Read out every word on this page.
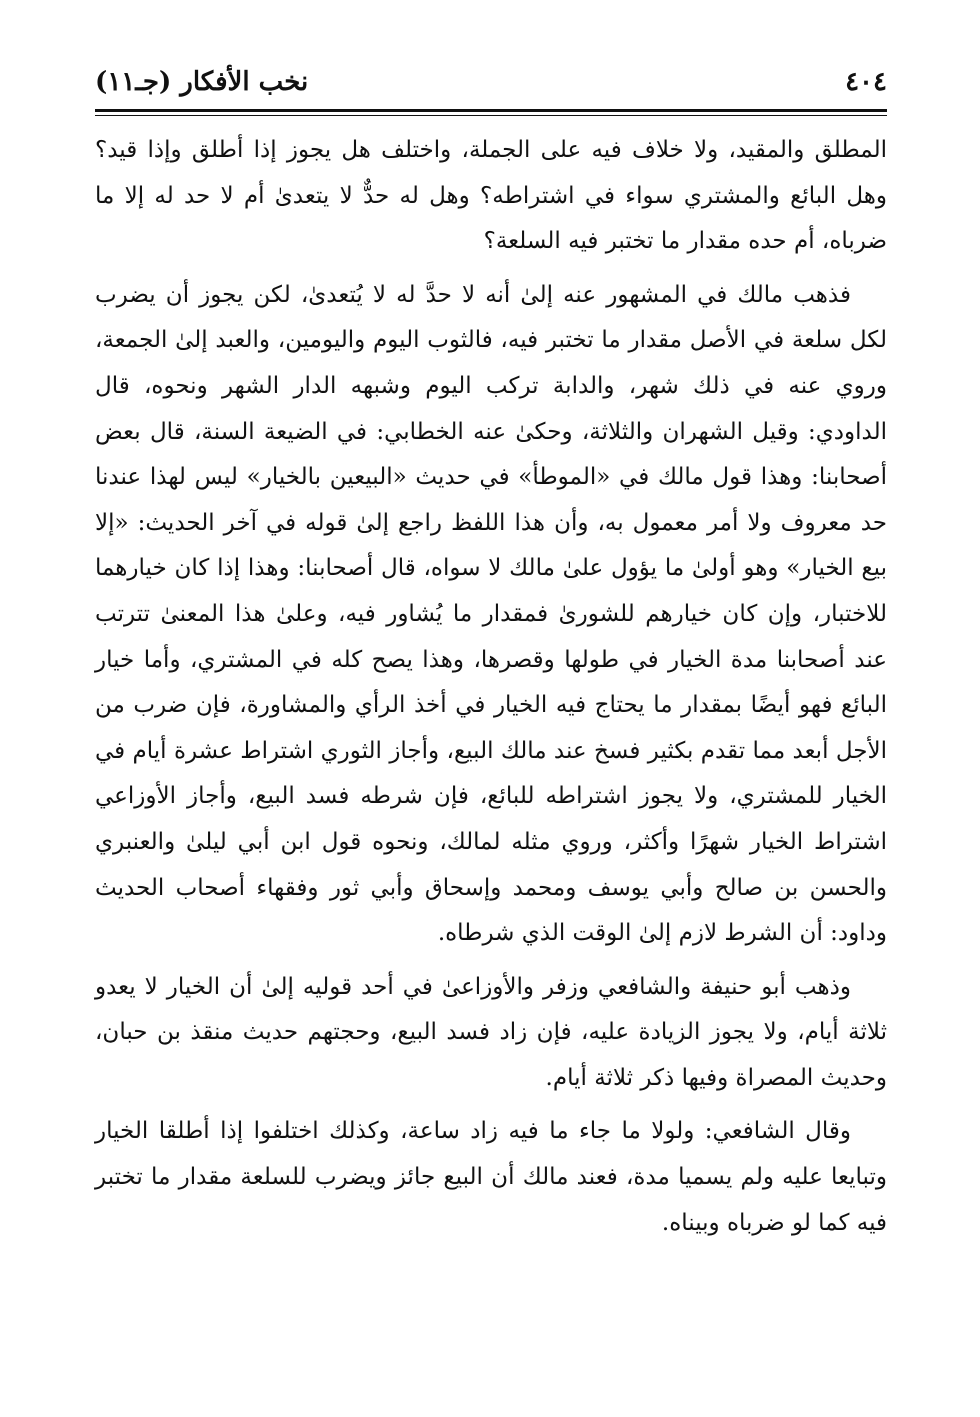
٤٠٤
نخب الأفكار (جـ١١)

المطلق والمقيد، ولا خلاف فيه على الجملة، واختلف هل يجوز إذا أطلق وإذا قيد؟ وهل البائع والمشتري سواء في اشتراطه؟ وهل له حدٌّ لا يتعدىٰ أم لا حد له إلا ما ضرباه، أم حده مقدار ما تختبر فيه السلعة؟

فذهب مالك في المشهور عنه إلىٰ أنه لا حدَّ له لا يُتعدىٰ، لكن يجوز أن يضرب لكل سلعة في الأصل مقدار ما تختبر فيه، فالثوب اليوم واليومين، والعبد إلىٰ الجمعة، وروي عنه في ذلك شهر، والدابة تركب اليوم وشبهه الدار الشهر ونحوه، قال الداودي: وقيل الشهران والثلاثة، وحكىٰ عنه الخطابي: في الضيعة السنة، قال بعض أصحابنا: وهذا قول مالك في «الموطأ» في حديث «البيعين بالخيار» ليس لهذا عندنا حد معروف ولا أمر معمول به، وأن هذا اللفظ راجع إلىٰ قوله في آخر الحديث: «إلا بيع الخيار» وهو أولىٰ ما يؤول علىٰ مالك لا سواه، قال أصحابنا: وهذا إذا كان خيارهما للاختبار، وإن كان خيارهم للشورىٰ فمقدار ما يُشاور فيه، وعلىٰ هذا المعنىٰ تترتب عند أصحابنا مدة الخيار في طولها وقصرها، وهذا يصح كله في المشتري، وأما خيار البائع فهو أيضًا بمقدار ما يحتاج فيه الخيار في أخذ الرأي والمشاورة، فإن ضرب من الأجل أبعد مما تقدم بكثير فسخ عند مالك البيع، وأجاز الثوري اشتراط عشرة أيام في الخيار للمشتري، ولا يجوز اشتراطه للبائع، فإن شرطه فسد البيع، وأجاز الأوزاعي اشتراط الخيار شهرًا وأكثر، وروي مثله لمالك، ونحوه قول ابن أبي ليلىٰ والعنبري والحسن بن صالح وأبي يوسف ومحمد وإسحاق وأبي ثور وفقهاء أصحاب الحديث وداود: أن الشرط لازم إلىٰ الوقت الذي شرطاه.

وذهب أبو حنيفة والشافعي وزفر والأوزاعىٰ في أحد قوليه إلىٰ أن الخيار لا يعدو ثلاثة أيام، ولا يجوز الزيادة عليه، فإن زاد فسد البيع، وحجتهم حديث منقذ بن حبان، وحديث المصراة وفيها ذكر ثلاثة أيام.

وقال الشافعي: ولولا ما جاء ما فيه زاد ساعة، وكذلك اختلفوا إذا أطلقا الخيار وتبايعا عليه ولم يسميا مدة، فعند مالك أن البيع جائز ويضرب للسلعة مقدار ما تختبر فيه كما لو ضرباه وبيناه.
